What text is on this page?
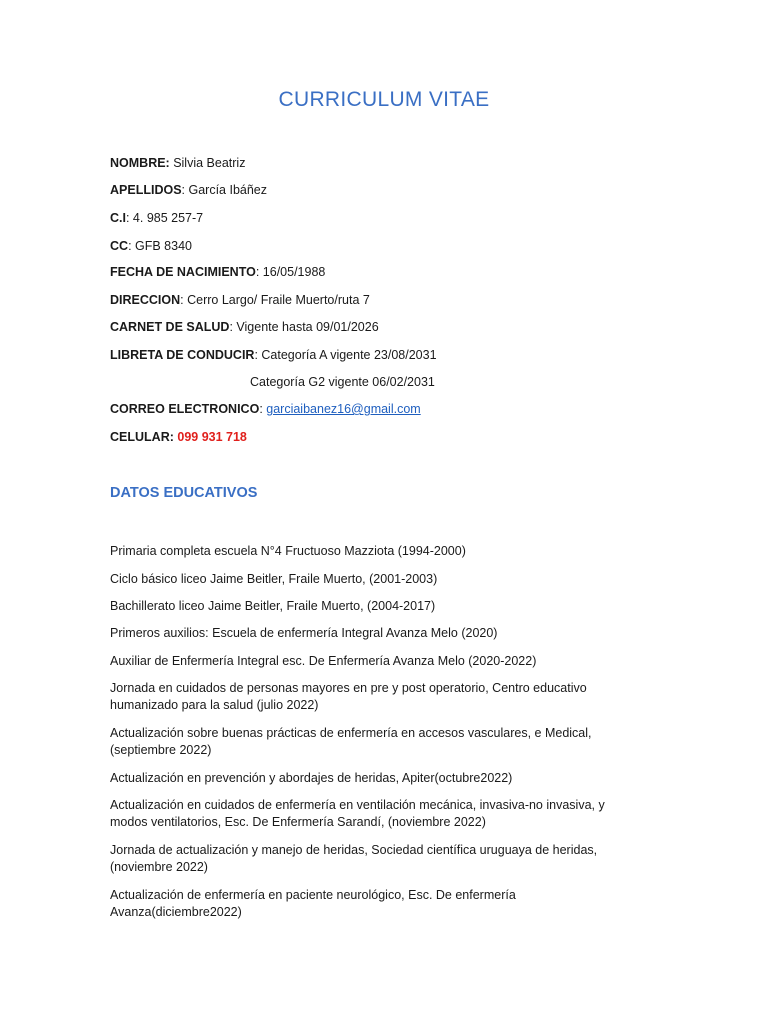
CURRICULUM VITAE
NOMBRE: Silvia Beatriz
APELLIDOS: García Ibáñez
C.I: 4. 985 257-7
CC: GFB 8340
FECHA DE NACIMIENTO: 16/05/1988
DIRECCION: Cerro Largo/ Fraile Muerto/ruta 7
CARNET DE SALUD: Vigente hasta 09/01/2026
LIBRETA DE CONDUCIR: Categoría A vigente 23/08/2031
Categoría G2 vigente 06/02/2031
CORREO ELECTRONICO: garciaibanez16@gmail.com
CELULAR: 099 931 718
DATOS EDUCATIVOS
Primaria completa escuela N°4 Fructuoso Mazziota (1994-2000)
Ciclo básico liceo Jaime Beitler, Fraile Muerto, (2001-2003)
Bachillerato liceo Jaime Beitler, Fraile Muerto, (2004-2017)
Primeros auxilios: Escuela de enfermería Integral Avanza Melo (2020)
Auxiliar de Enfermería Integral esc. De Enfermería Avanza Melo (2020-2022)
Jornada en cuidados de personas mayores en pre y post operatorio, Centro educativo humanizado para la salud (julio 2022)
Actualización sobre buenas prácticas de enfermería en accesos vasculares, e Medical, (septiembre 2022)
Actualización en prevención y abordajes de heridas, Apiter(octubre2022)
Actualización en cuidados de enfermería en ventilación mecánica, invasiva-no invasiva, y modos ventilatorios, Esc. De Enfermería Sarandí, (noviembre 2022)
Jornada de actualización y manejo de heridas, Sociedad científica uruguaya de heridas, (noviembre 2022)
Actualización de enfermería en paciente neurológico, Esc. De enfermería Avanza(diciembre2022)
